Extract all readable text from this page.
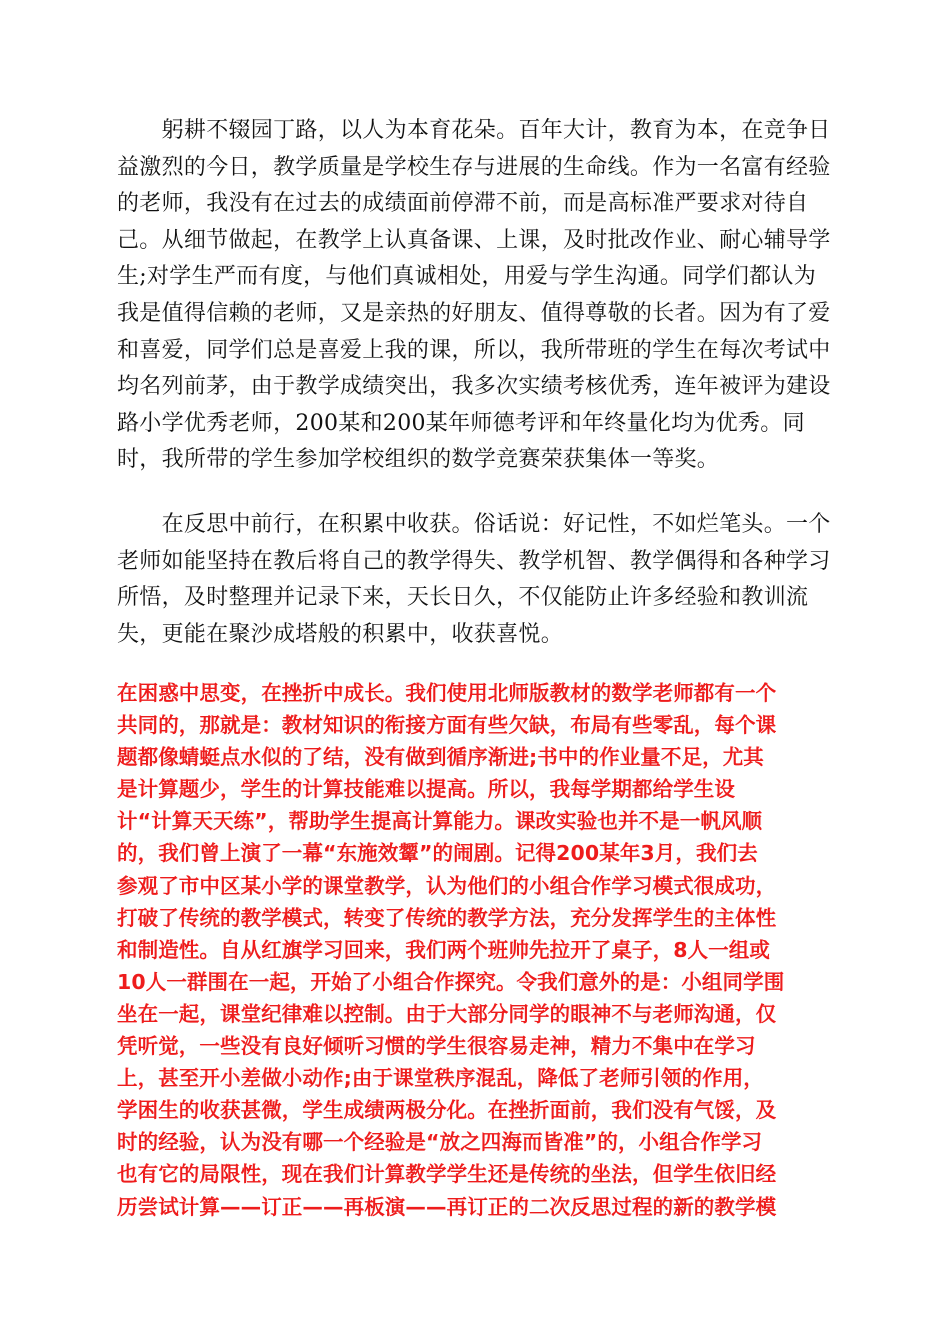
　　躬耕不辍园丁路，以人为本育花朵。百年大计，教育为本，在竞争日
益激烈的今日，教学质量是学校生存与进展的生命线。作为一名富有经验
的老师，我没有在过去的成绩面前停滞不前，而是高标准严要求对待自
己。从细节做起，在教学上认真备课、上课，及时批改作业、耐心辅导学
生;对学生严而有度，与他们真诚相处，用爱与学生沟通。同学们都认为
我是值得信赖的老师，又是亲热的好朋友、值得尊敬的长者。因为有了爱
和喜爱，同学们总是喜爱上我的课，所以，我所带班的学生在每次考试中
均名列前茅，由于教学成绩突出，我多次实绩考核优秀，连年被评为建设
路小学优秀老师，200某和200某年师德考评和年终量化均为优秀。同
时，我所带的学生参加学校组织的数学竞赛荣获集体一等奖。
　　在反思中前行，在积累中收获。俗话说：好记性，不如烂笔头。一个
老师如能坚持在教后将自己的教学得失、教学机智、教学偶得和各种学习
所悟，及时整理并记录下来，天长日久，不仅能防止许多经验和教训流
失，更能在聚沙成塔般的积累中，收获喜悦。
在困惑中思变，在挫折中成长。我们使用北师版教材的数学老师都有一个
共同的，那就是：教材知识的衔接方面有些欠缺，布局有些零乱，每个课
题都像蜻蜓点水似的了结，没有做到循序渐进;书中的作业量不足，尤其
是计算题少，学生的计算技能难以提高。所以，我每学期都给学生设
计“计算天天练”，帮助学生提高计算能力。课改实验也并不是一帆风顺
的，我们曾上演了一幕“东施效颦”的闹剧。记得200某年3月，我们去
参观了市中区某小学的课堂教学，认为他们的小组合作学习模式很成功，
打破了传统的教学模式，转变了传统的教学方法，充分发挥学生的主体性
和制造性。自从红旗学习回来，我们两个班帅先拉开了桌子，8人一组或
10人一群围在一起，开始了小组合作探究。令我们意外的是：小组同学围
坐在一起，课堂纪律难以控制。由于大部分同学的眼神不与老师沟通，仅
凭听觉，一些没有良好倾听习惯的学生很容易走神，精力不集中在学习
上，甚至开小差做小动作;由于课堂秩序混乱，降低了老师引领的作用，
学困生的收获甚微，学生成绩两极分化。在挫折面前，我们没有气馁，及
时的经验，认为没有哪一个经验是“放之四海而皆准”的，小组合作学习
也有它的局限性，现在我们计算教学学生还是传统的坐法，但学生依旧经
历尝试计算——订正——再板演——再订正的二次反思过程的新的教学模
